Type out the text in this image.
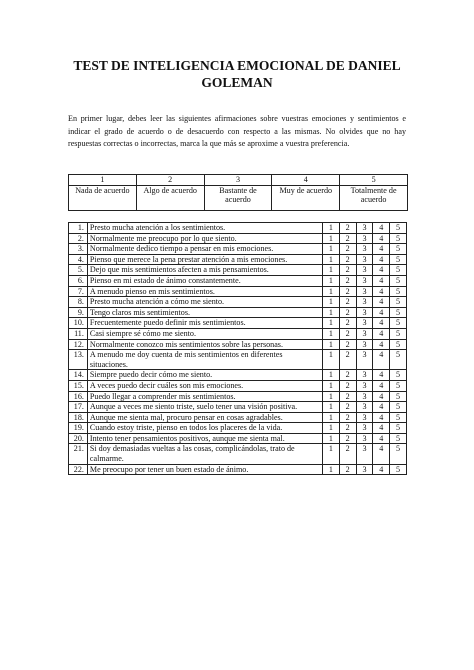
TEST DE INTELIGENCIA EMOCIONAL DE DANIEL
GOLEMAN
En primer lugar, debes leer las siguientes afirmaciones sobre vuestras emociones y sentimientos e indicar el grado de acuerdo o de desacuerdo con respecto a las mismas. No olvides que no hay respuestas correctas o incorrectas, marca la que más se aproxime a vuestra preferencia.
1	2	3	4	5
Nada de acuerdo	Algo de acuerdo	Bastante de acuerdo	Muy de acuerdo	Totalmente de acuerdo
1.	Presto mucha atención a los sentimientos.	1	2	3	4	5
2.	Normalmente me preocupo por lo que siento.	1	2	3	4	5
3.	Normalmente dedico tiempo a pensar en mis emociones.	1	2	3	4	5
4.	Pienso que merece la pena prestar atención a mis emociones.	1	2	3	4	5
5.	Dejo que mis sentimientos afecten a mis pensamientos.	1	2	3	4	5
6.	Pienso en mi estado de ánimo constantemente.	1	2	3	4	5
7.	A menudo pienso en mis sentimientos.	1	2	3	4	5
8.	Presto mucha atención a cómo me siento.	1	2	3	4	5
9.	Tengo claros mis sentimientos.	1	2	3	4	5
10.	Frecuentemente puedo definir mis sentimientos.	1	2	3	4	5
11.	Casi siempre sé cómo me siento.	1	2	3	4	5
12.	Normalmente conozco mis sentimientos sobre las personas.	1	2	3	4	5
13.	A menudo me doy cuenta de mis sentimientos en diferentes situaciones.	1	2	3	4	5
14.	Siempre puedo decir cómo me siento.	1	2	3	4	5
15.	A veces puedo decir cuáles son mis emociones.	1	2	3	4	5
16.	Puedo llegar a comprender mis sentimientos.	1	2	3	4	5
17.	Aunque a veces me siento triste, suelo tener una visión positiva.	1	2	3	4	5
18.	Aunque me sienta mal, procuro pensar en cosas agradables.	1	2	3	4	5
19.	Cuando estoy triste, pienso en todos los placeres de la vida.	1	2	3	4	5
20.	Intento tener pensamientos positivos, aunque me sienta mal.	1	2	3	4	5
21.	Si doy demasiadas vueltas a las cosas, complicándolas, trato de calmarme.	1	2	3	4	5
22.	Me preocupo por tener un buen estado de ánimo.	1	2	3	4	5
